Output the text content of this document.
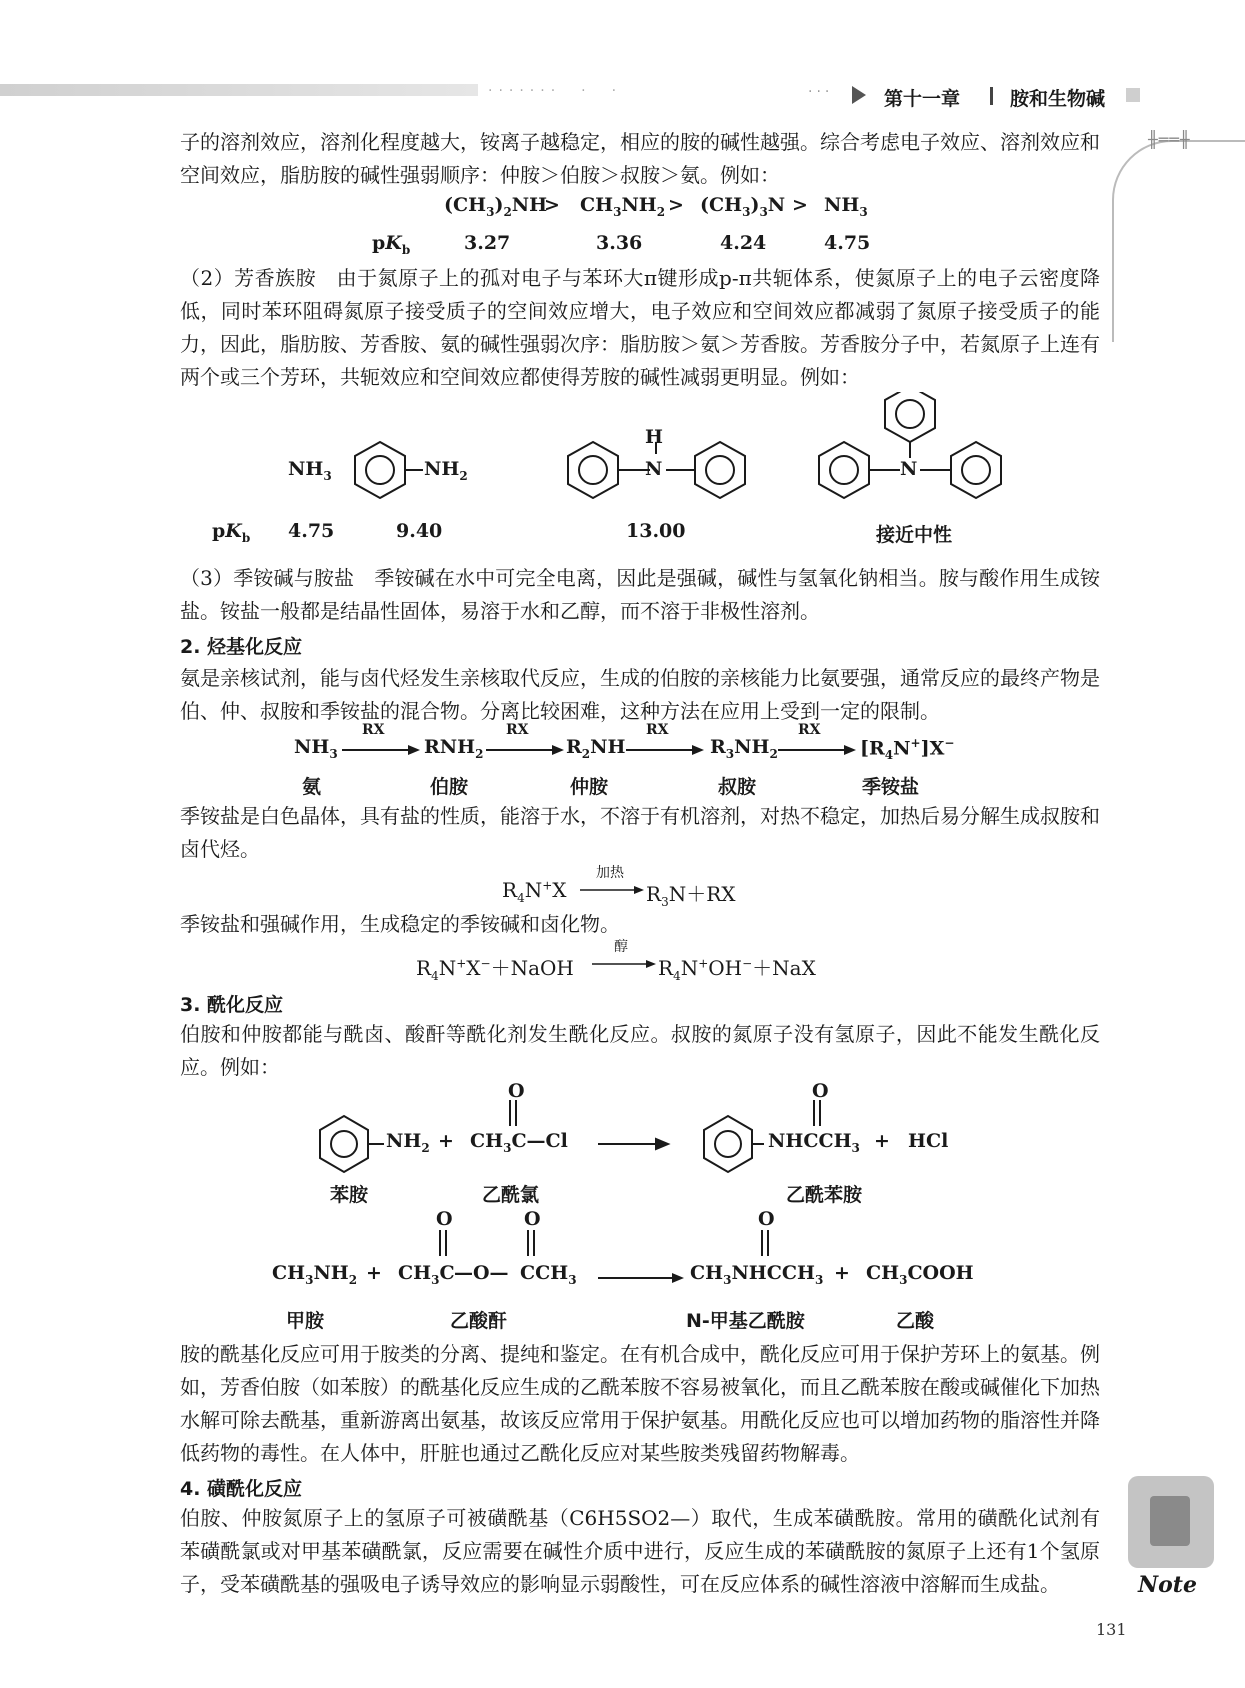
·······　·　·	···	第十一章	胺和生物碱
╫══╫
子的溶剂效应，溶剂化程度越大，铵离子越稳定，相应的胺的碱性越强。综合考虑电子效应、溶剂效应和空间效应，脂肪胺的碱性强弱顺序：仲胺＞伯胺＞叔胺＞氨。例如：
$(CH_3)_2NH$
> $CH_3NH_2 > (CH_3)_3N > NH_3$
$pK_b$	3.27	3.36	4.24	4.75
（2）芳香族胺　由于氮原子上的孤对电子与苯环大π键形成p-π共轭体系，使氮原子上的电子云密度降低，同时苯环阻碍氮原子接受质子的空间效应增大，电子效应和空间效应都减弱了氮原子接受质子的能力，因此，脂肪胺、芳香胺、氨的碱性强弱次序：脂肪胺＞氨＞芳香胺。芳香胺分子中，若氮原子上连有两个或三个芳环，共轭效应和空间效应都使得芳胺的碱性减弱更明显。例如：
$NH_3$	$NH_2$
H
N	N
$pK_b$ 4.75	9.40	13.00	接近中性
（3）季铵碱与胺盐　季铵碱在水中可完全电离，因此是强碱，碱性与氢氧化钠相当。胺与酸作用生成铵盐。铵盐一般都是结晶性固体，易溶于水和乙醇，而不溶于非极性溶剂。
2. 烃基化反应
氨是亲核试剂，能与卤代烃发生亲核取代反应，生成的伯胺的亲核能力比氨要强，通常反应的最终产物是伯、仲、叔胺和季铵盐的混合物。分离比较困难，这种方法在应用上受到一定的限制。
$NH_3$
RX
$RNH_2$
RX
$R_2NH$
RX
$R_3NH_2$
RX
$[R_4N^+]X^-$
氨	伯胺	仲胺	叔胺	季铵盐
季铵盐是白色晶体，具有盐的性质，能溶于水，不溶于有机溶剂，对热不稳定，加热后易分解生成叔胺和卤代烃。
$R_4N^+X$
加热
$R_3N+RX$
季铵盐和强碱作用，生成稳定的季铵碱和卤化物。
$R_4N^+X^-+NaOH$
醇
$R_4N^+OH^-+NaX$
3. 酰化反应
伯胺和仲胺都能与酰卤、酸酐等酰化剂发生酰化反应。叔胺的氮原子没有氢原子，因此不能发生酰化反应。例如：
$NH_2$ + $CH_3C—Cl$
O
$NHCCH_3$
O
+ HCl
苯胺	乙酰氯	乙酰苯胺
O	O	O
$CH_3NH_2 + CH_3C$ —O— $CCH_3$	$CH_3NHCCH_3$ + $CH_3COOH$
甲胺	乙酸酐	N-甲基乙酰胺	乙酸
胺的酰基化反应可用于胺类的分离、提纯和鉴定。在有机合成中，酰化反应可用于保护芳环上的氨基。例如，芳香伯胺（如苯胺）的酰基化反应生成的乙酰苯胺不容易被氧化，而且乙酰苯胺在酸或碱催化下加热水解可除去酰基，重新游离出氨基，故该反应常用于保护氨基。用酰化反应也可以增加药物的脂溶性并降低药物的毒性。在人体中，肝脏也通过乙酰化反应对某些胺类残留药物解毒。
4. 磺酰化反应
伯胺、仲胺氮原子上的氢原子可被磺酰基（C6H5SO2—）取代，生成苯磺酰胺。常用的磺酰化试剂有苯磺酰氯或对甲基苯磺酰氯，反应需要在碱性介质中进行，反应生成的苯磺酰胺的氮原子上还有1个氢原子，受苯磺酰基的强吸电子诱导效应的影响显示弱酸性，可在反应体系的碱性溶液中溶解而生成盐。	Note
131
